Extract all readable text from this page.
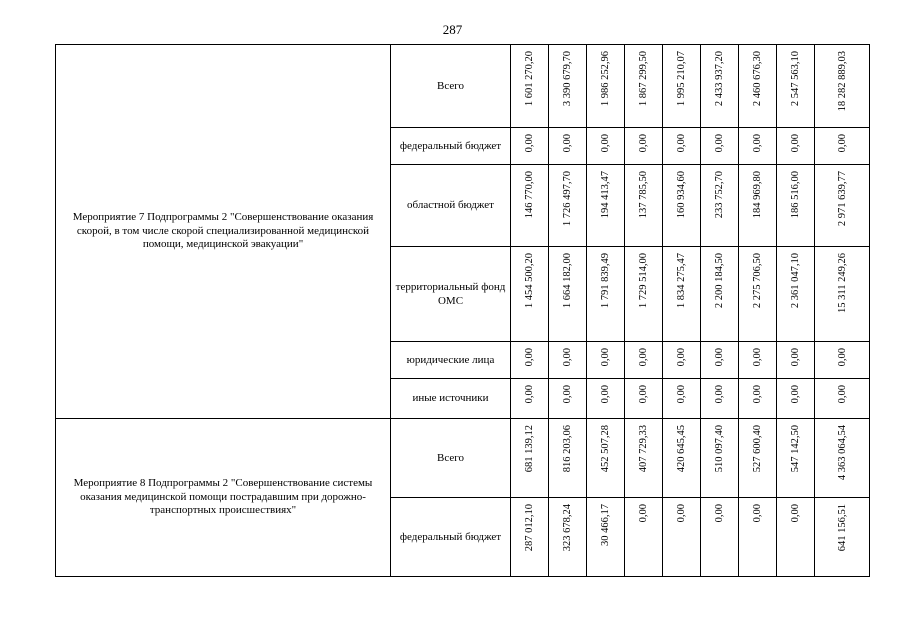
287
Мероприятие 7 Подпрограммы 2 "Совершенствование оказания скорой, в том числе скорой специализированной медицинской помощи, медицинской эвакуации"	Всего	1 601 270,20	3 390 679,70	1 986 252,96	1 867 299,50	1 995 210,07	2 433 937,20	2 460 676,30	2 547 563,10	18 282 889,03
	федеральный бюджет	0,00	0,00	0,00	0,00	0,00	0,00	0,00	0,00	0,00
	областной бюджет	146 770,00	1 726 497,70	194 413,47	137 785,50	160 934,60	233 752,70	184 969,80	186 516,00	2 971 639,77
	территориальный фонд ОМС	1 454 500,20	1 664 182,00	1 791 839,49	1 729 514,00	1 834 275,47	2 200 184,50	2 275 706,50	2 361 047,10	15 311 249,26
	юридические лица	0,00	0,00	0,00	0,00	0,00	0,00	0,00	0,00	0,00
	иные источники	0,00	0,00	0,00	0,00	0,00	0,00	0,00	0,00	0,00
Мероприятие 8 Подпрограммы 2 "Совершенствование системы оказания медицинской помощи пострадавшим при дорожно-транспортных происшествиях"	Всего	681 139,12	816 203,06	452 507,28	407 729,33	420 645,45	510 097,40	527 600,40	547 142,50	4 363 064,54
	федеральный бюджет	287 012,10	323 678,24	30 466,17	0,00	0,00	0,00	0,00	0,00	641 156,51
